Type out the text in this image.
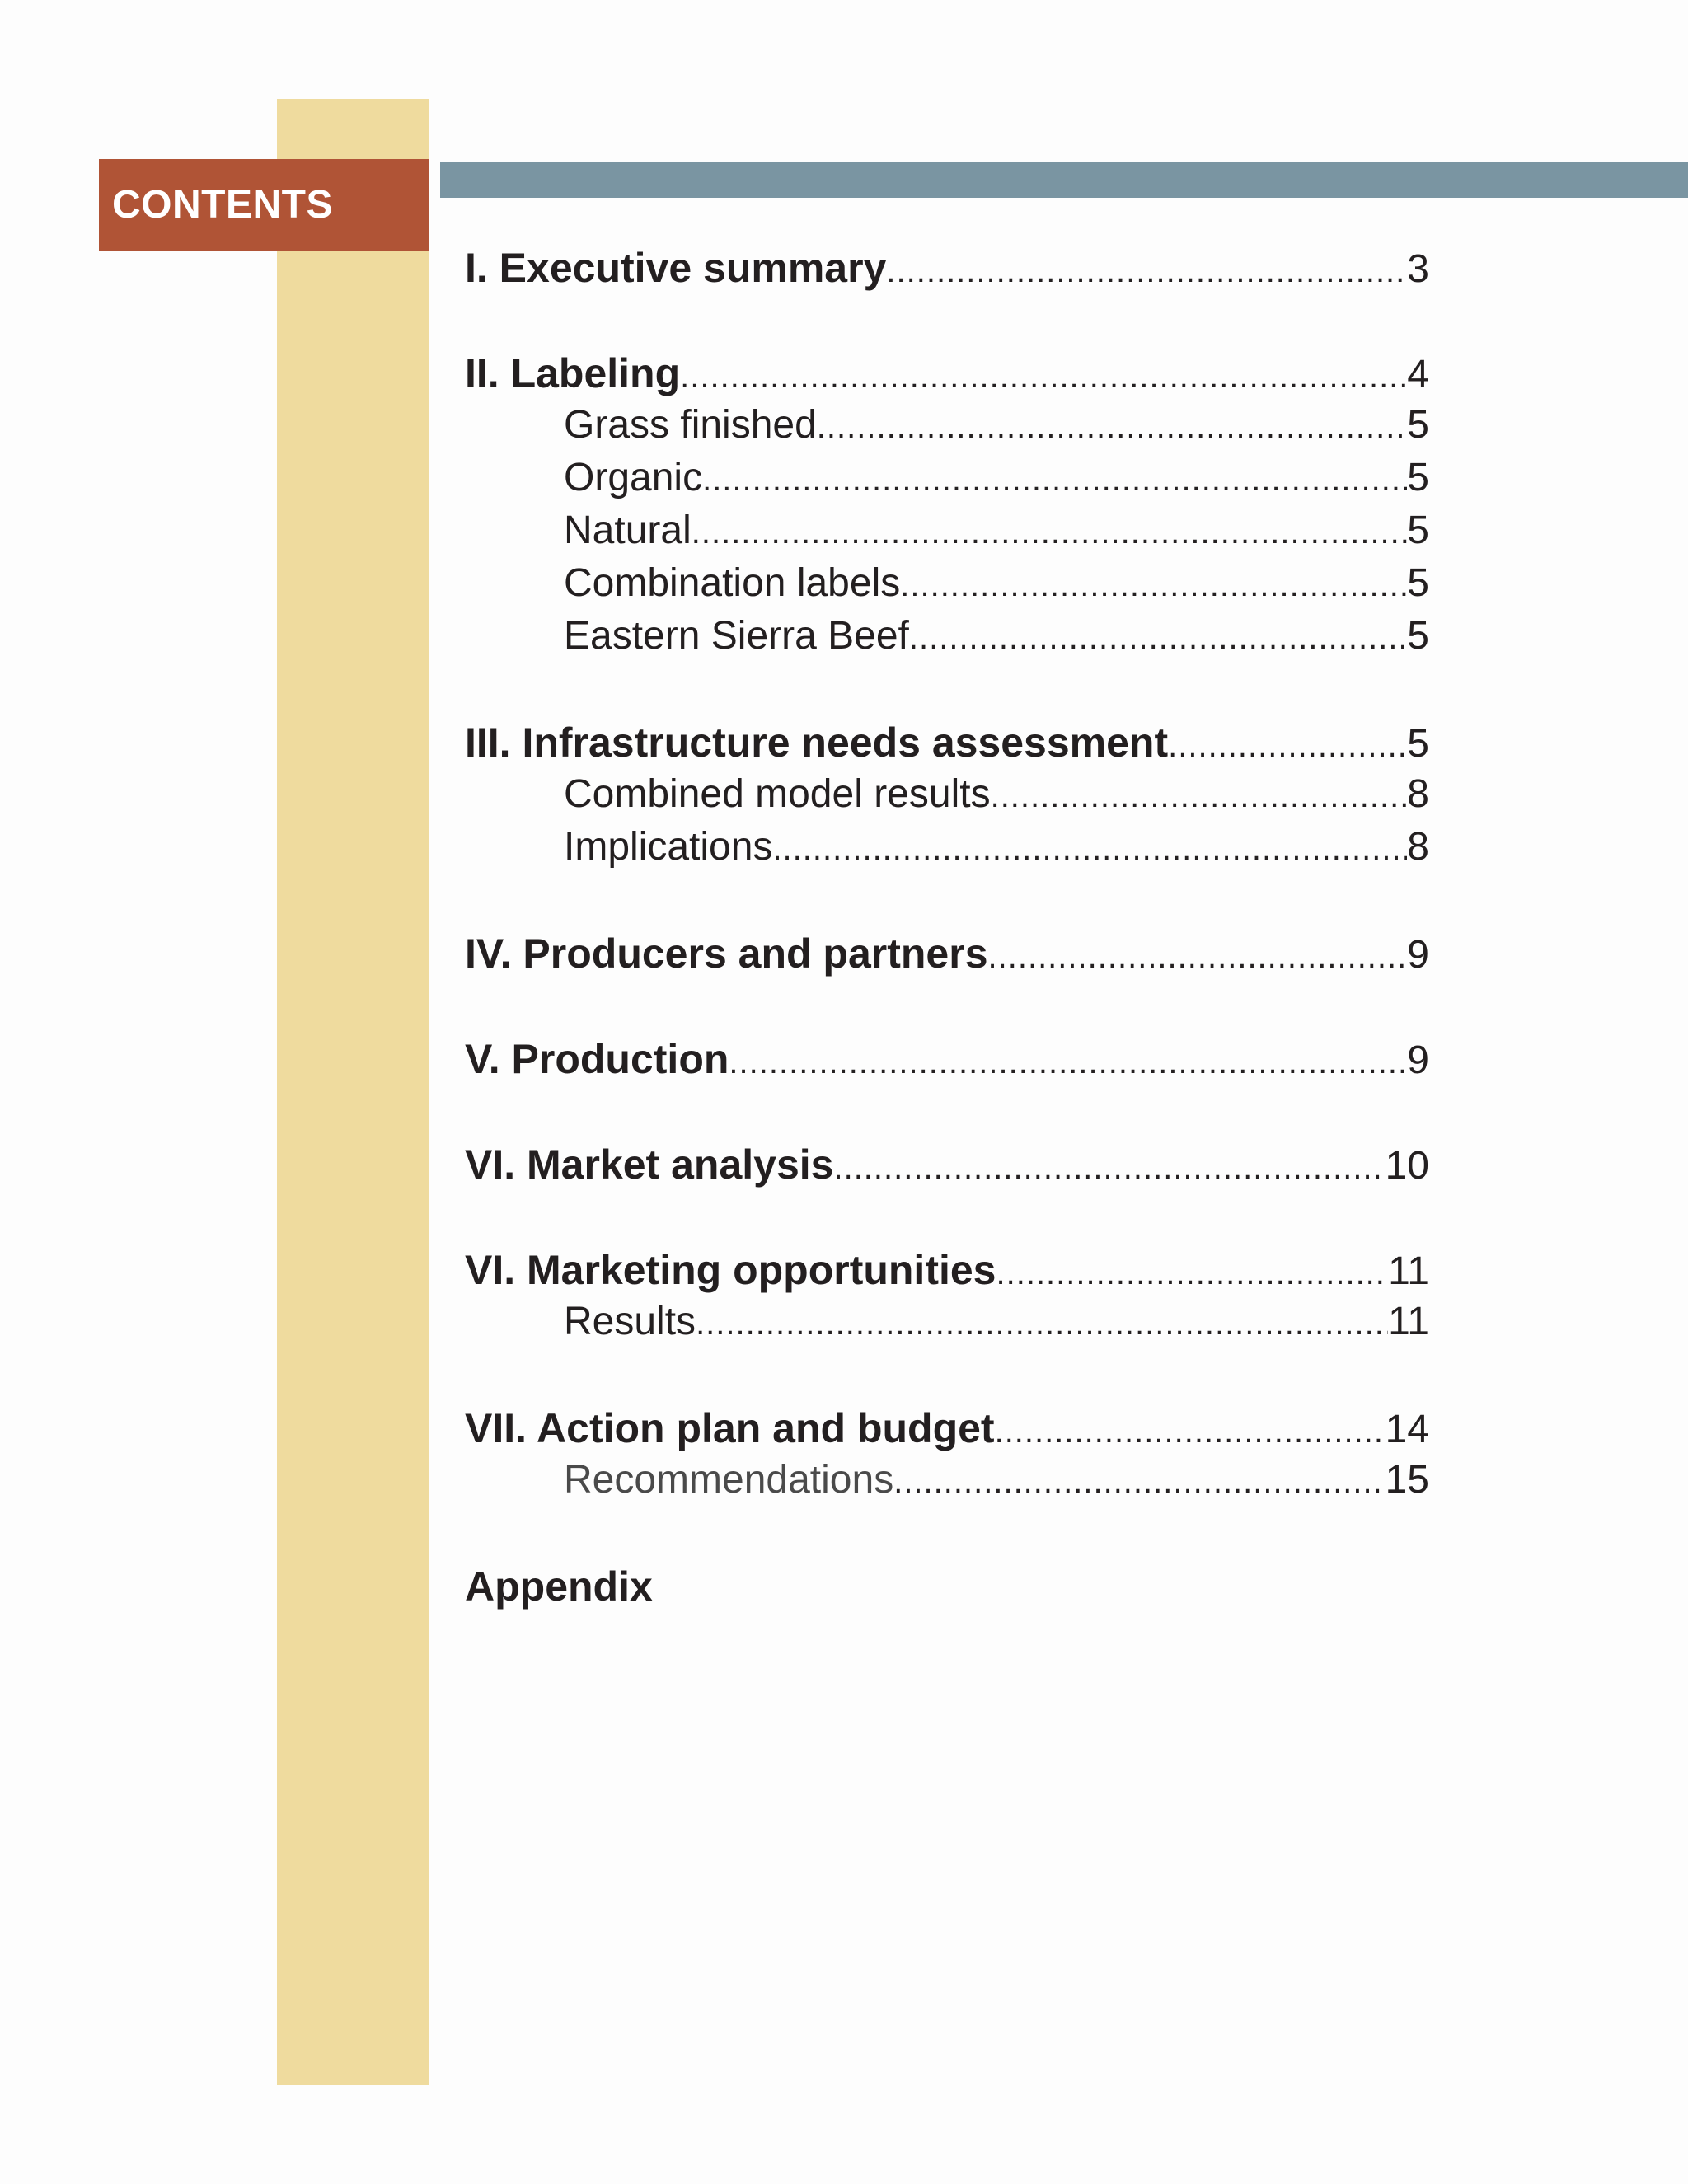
CONTENTS
I. Executive summary .....	3
II. Labeling .....	4
Grass finished .....	5
Organic .....	5
Natural .....	5
Combination labels .....	5
Eastern Sierra Beef .....	5
III. Infrastructure needs assessment .....	5
Combined model results .....	8
Implications .....	8
IV. Producers and partners .....	9
V. Production .....	9
VI. Market analysis .....	10
VI. Marketing opportunities .....	11
Results .....	11
VII. Action plan and budget .....	14
Recommendations .....	15
Appendix
